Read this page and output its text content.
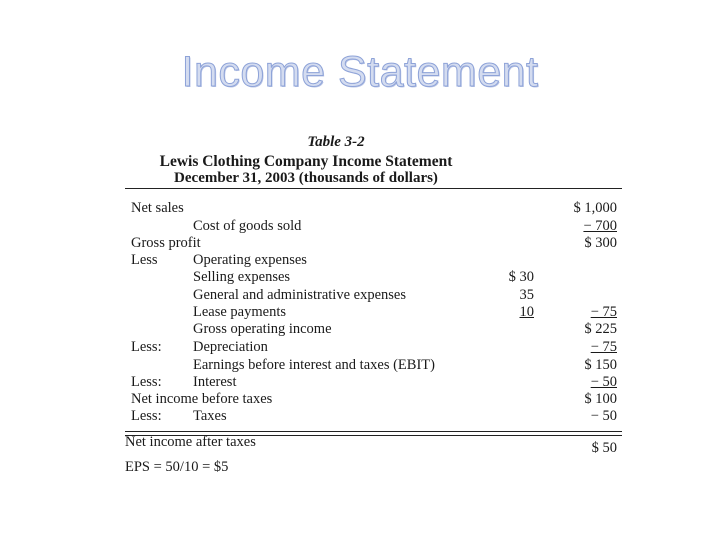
Income Statement
Table 3-2
Lewis Clothing Company Income Statement
December 31, 2003 (thousands of dollars)
Net sales	$ 1,000
Cost of goods sold	− 700
Gross profit	$ 300
Less Operating expenses
Selling expenses	$ 30
General and administrative expenses	35
Lease payments	10	− 75
Gross operating income	$ 225
Less: Depreciation	− 75
Earnings before interest and taxes (EBIT)	$ 150
Less: Interest	− 50
Net income before taxes	$ 100
Less: Taxes	− 50
Net income after taxes	$ 50
EPS = 50/10 = $5
